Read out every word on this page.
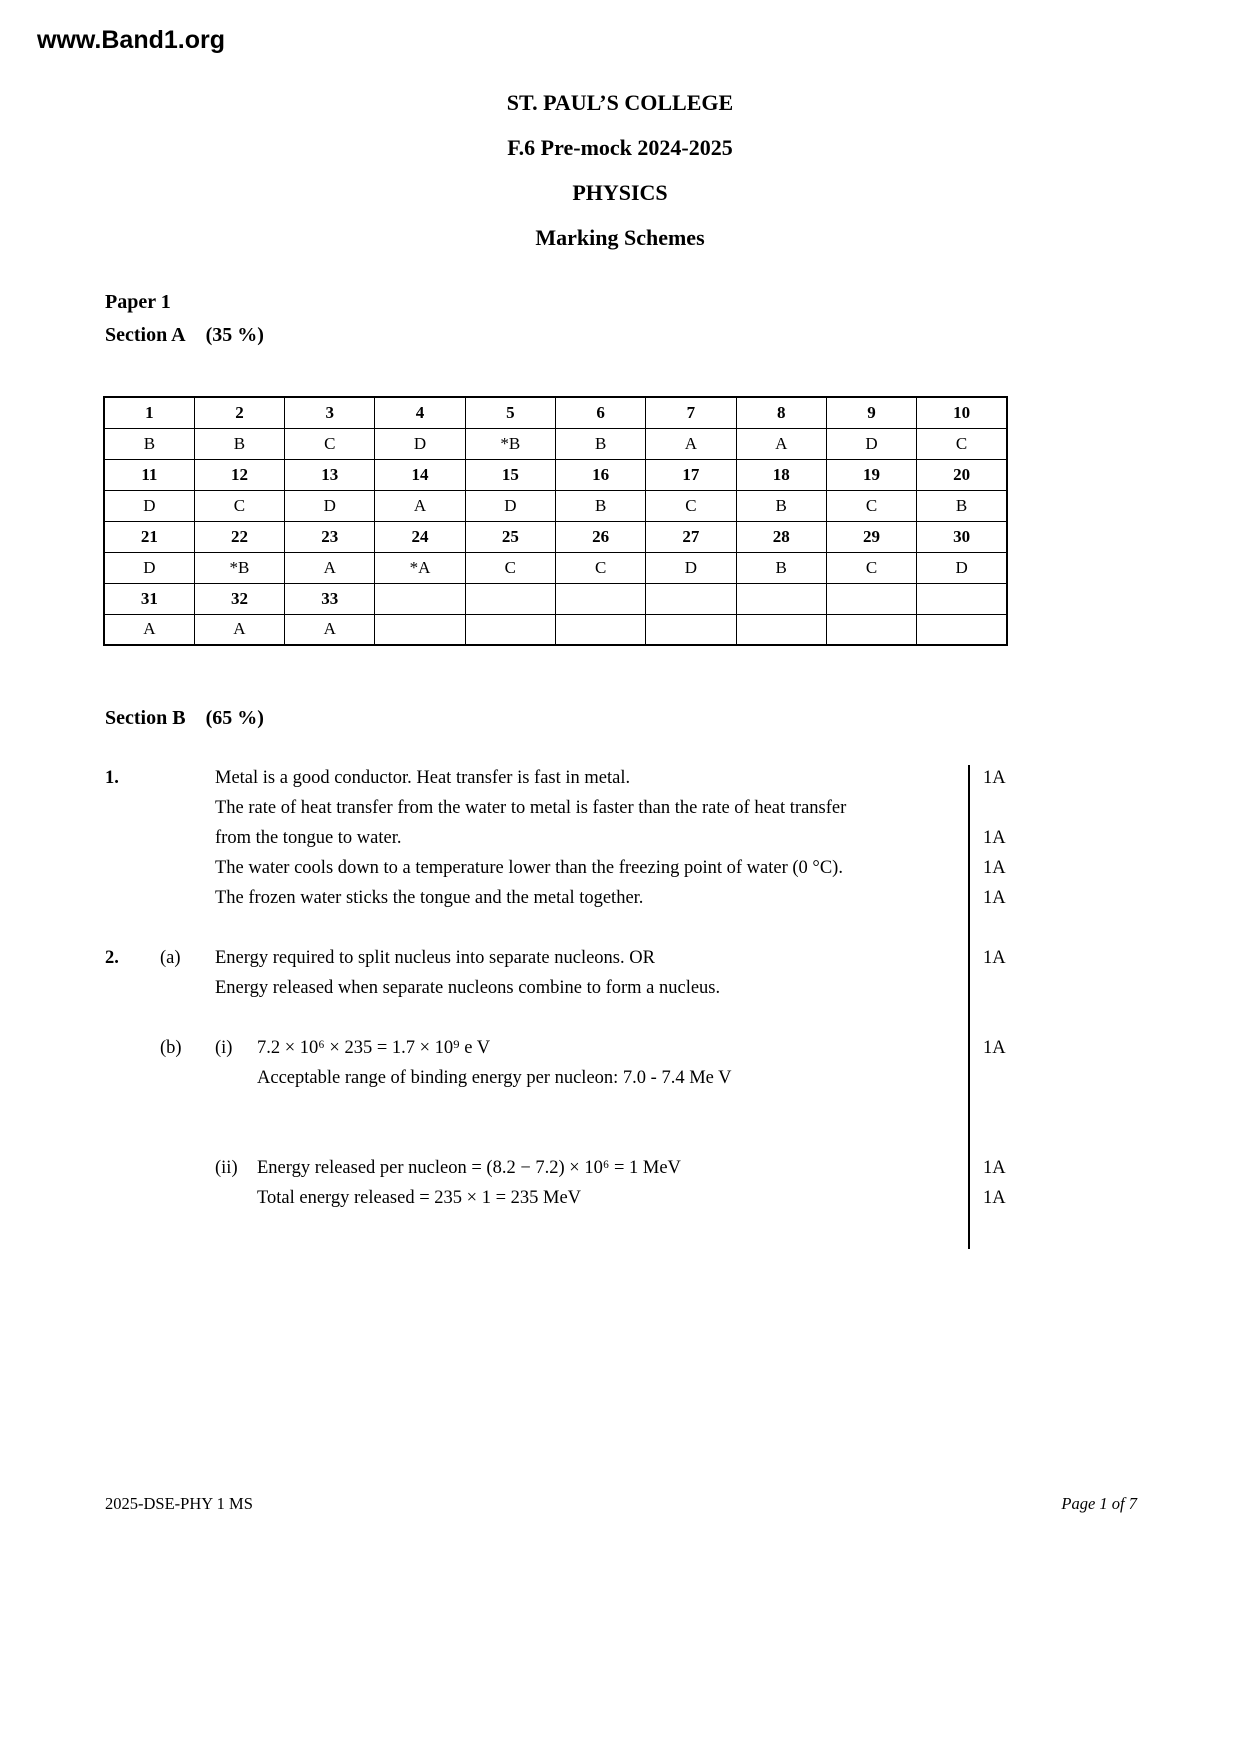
www.Band1.org
ST. PAUL’S COLLEGE
F.6 Pre-mock 2024-2025
PHYSICS
Marking Schemes
Paper 1
Section A (35 %)
1	2	3	4	5	6	7	8	9	10
B	B	C	D	*B	B	A	A	D	C
11	12	13	14	15	16	17	18	19	20
D	C	D	A	D	B	C	B	C	B
21	22	23	24	25	26	27	28	29	30
D	*B	A	*A	C	C	D	B	C	D
31	32	33							
A	A	A							
Section B (65 %)
1.	Metal is a good conductor. Heat transfer is fast in metal.	1A
The rate of heat transfer from the water to metal is faster than the rate of heat transfer
from the tongue to water.	1A
The water cools down to a temperature lower than the freezing point of water (0 °C).	1A
The frozen water sticks the tongue and the metal together.	1A
2.	(a)	Energy required to split nucleus into separate nucleons. OR	1A
Energy released when separate nucleons combine to form a nucleus.
(b)	(i)	7.2 × 10⁶ × 235 = 1.7 × 10⁹ e V	1A
Acceptable range of binding energy per nucleon: 7.0 - 7.4 Me V
(ii)	Energy released per nucleon = (8.2 − 7.2) × 10⁶ = 1 MeV	1A
Total energy released = 235 × 1 = 235 MeV	1A
2025-DSE-PHY 1 MS	Page 1 of 7
